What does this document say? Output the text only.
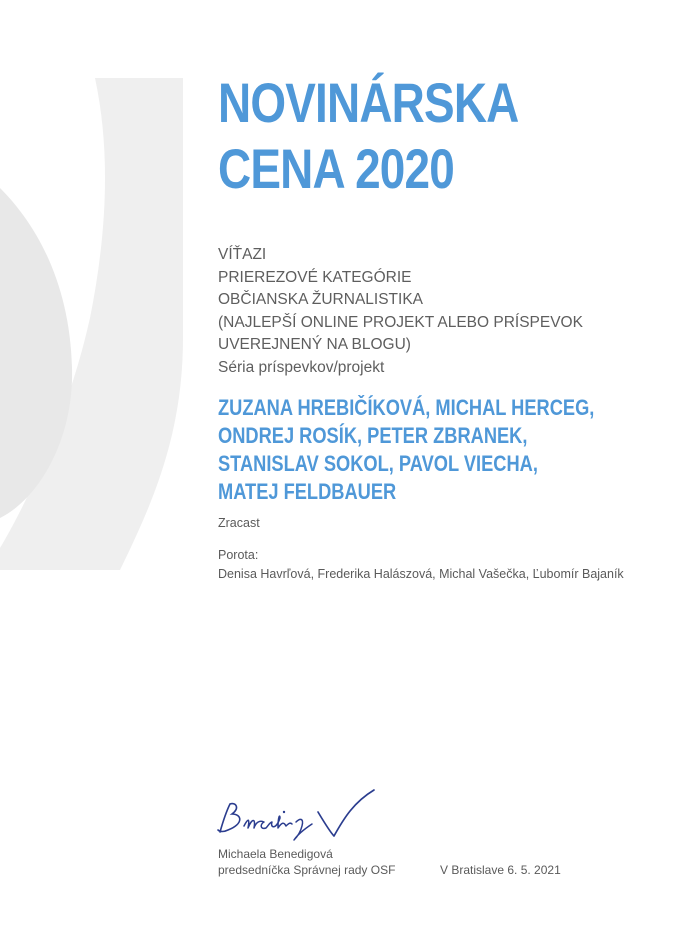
NOVINÁRSKA
CENA 2020
VÍŤAZI
PRIEREZOVÉ KATEGÓRIE
OBČIANSKA ŽURNALISTIKA
(NAJLEPŠÍ ONLINE PROJEKT ALEBO PRÍSPEVOK
UVEREJNENÝ NA BLOGU)
Séria príspevkov/projekt
ZUZANA HREBIČÍKOVÁ, MICHAL HERCEG,
ONDREJ ROSÍK, PETER ZBRANEK,
STANISLAV SOKOL, PAVOL VIECHA,
MATEJ FELDBAUER
Zracast
Porota:
Denisa Havrľová, Frederika Halászová, Michal Vašečka, Ľubomír Bajaník
Michaela Benedigová
predsedníčka Správnej rady OSF	V Bratislave 6. 5. 2021
